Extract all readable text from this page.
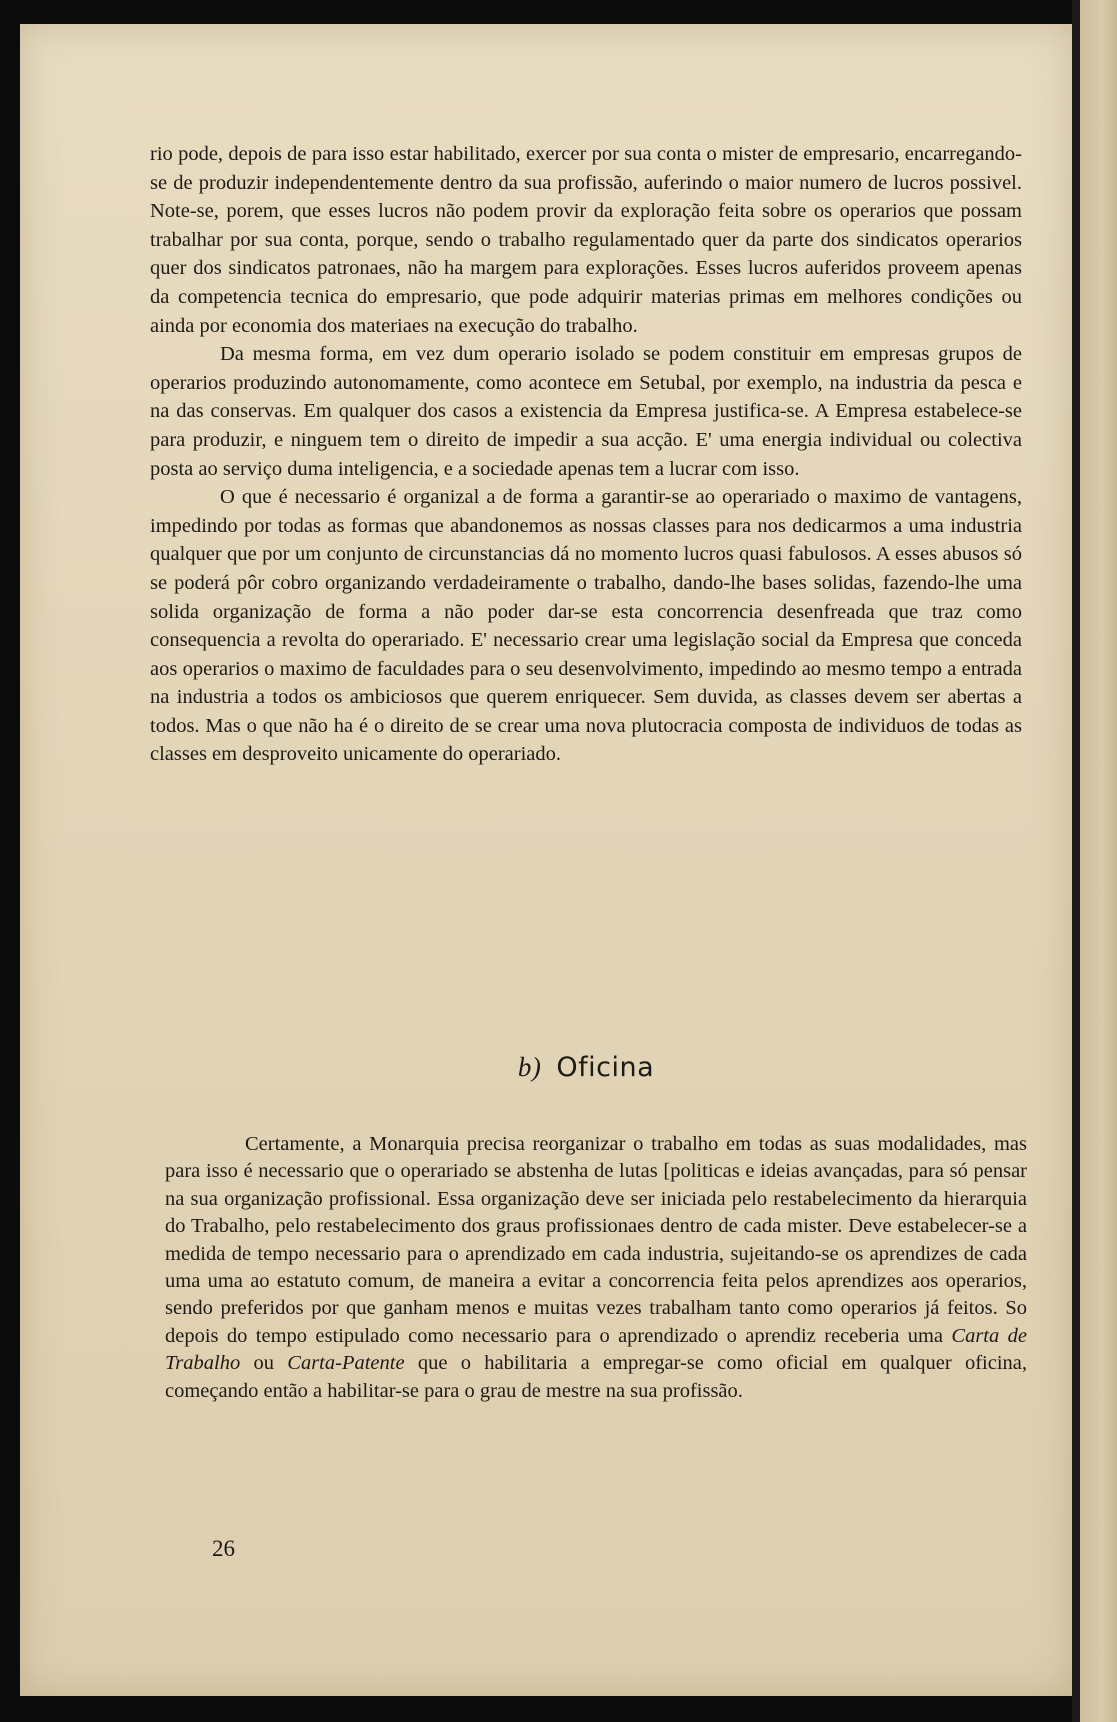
rio pode, depois de para isso estar habilitado, exercer por sua conta o mister de empresario, encarregando-se de produzir independentemente dentro da sua profissão, auferindo o maior numero de lucros possivel. Note-se, porem, que esses lucros não podem provir da exploração feita sobre os operarios que possam trabalhar por sua conta, porque, sendo o trabalho regulamentado quer da parte dos sindicatos operarios quer dos sindicatos patronaes, não ha margem para explorações. Esses lucros auferidos proveem apenas da competencia tecnica do empresario, que pode adquirir materias primas em melhores condições ou ainda por economia dos materiaes na execução do trabalho.

Da mesma forma, em vez dum operario isolado se podem constituir em empresas grupos de operarios produzindo autonomamente, como acontece em Setubal, por exemplo, na industria da pesca e na das conservas. Em qualquer dos casos a existencia da Empresa justifica-se. A Empresa estabelece-se para produzir, e ninguem tem o direito de impedir a sua acção. E' uma energia individual ou colectiva posta ao serviço duma inteligencia, e a sociedade apenas tem a lucrar com isso.

O que é necessario é organizal a de forma a garantir-se ao operariado o maximo de vantagens, impedindo por todas as formas que abandonemos as nossas classes para nos dedicarmos a uma industria qualquer que por um conjunto de circunstancias dá no momento lucros quasi fabulosos. A esses abusos só se poderá pôr cobro organizando verdadeiramente o trabalho, dando-lhe bases solidas, fazendo-lhe uma solida organização de forma a não poder dar-se esta concorrencia desenfreada que traz como consequencia a revolta do operariado. E' necessario crear uma legislação social da Empresa que conceda aos operarios o maximo de faculdades para o seu desenvolvimento, impedindo ao mesmo tempo a entrada na industria a todos os ambiciosos que querem enriquecer. Sem duvida, as classes devem ser abertas a todos. Mas o que não ha é o direito de se crear uma nova plutocracia composta de individuos de todas as classes em desproveito unicamente do operariado.

b) Oficina

Certamente, a Monarquia precisa reorganizar o trabalho em todas as suas modalidades, mas para isso é necessario que o operariado se abstenha de lutas [politicas e ideias avançadas, para só pensar na sua organização profissional. Essa organização deve ser iniciada pelo restabelecimento da hierarquia do Trabalho, pelo restabelecimento dos graus profissionaes dentro de cada mister. Deve estabelecer-se a medida de tempo necessario para o aprendizado em cada industria, sujeitando-se os aprendizes de cada uma uma ao estatuto comum, de maneira a evitar a concorrencia feita pelos aprendizes aos operarios, sendo preferidos por que ganham menos e muitas vezes trabalham tanto como operarios já feitos. So depois do tempo estipulado como necessario para o aprendizado o aprendiz receberia uma Carta de Trabalho ou Carta-Patente que o habilitaria a empregar-se como oficial em qualquer oficina, começando então a habilitar-se para o grau de mestre na sua profissão.

26
